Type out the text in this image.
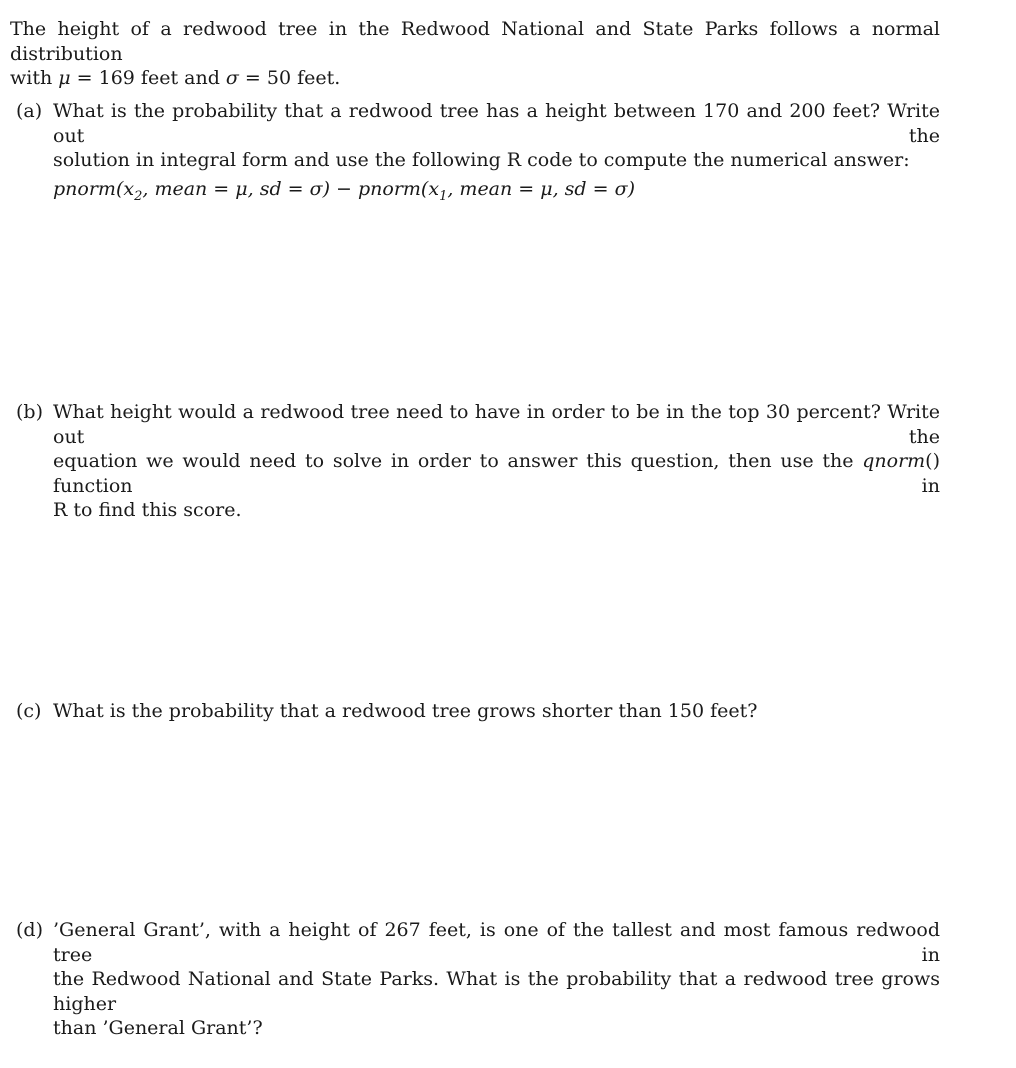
The height of a redwood tree in the Redwood National and State Parks follows a normal distribution
with μ = 169 feet and σ = 50 feet.
(a) What is the probability that a redwood tree has a height between 170 and 200 feet? Write out the
solution in integral form and use the following R code to compute the numerical answer:
$pnorm(x_2$, mean = μ, sd = $\sigma) - pnorm(x_1$, mean = μ, sd = σ)
(b) What height would a redwood tree need to have in order to be in the top 30 percent? Write out the
equation we would need to solve in order to answer this question, then use the qnorm() function in
R to find this score.
(c) What is the probability that a redwood tree grows shorter than 150 feet?
(d) ’General Grant’, with a height of 267 feet, is one of the tallest and most famous redwood tree in
the Redwood National and State Parks. What is the probability that a redwood tree grows higher
than ’General Grant’?
